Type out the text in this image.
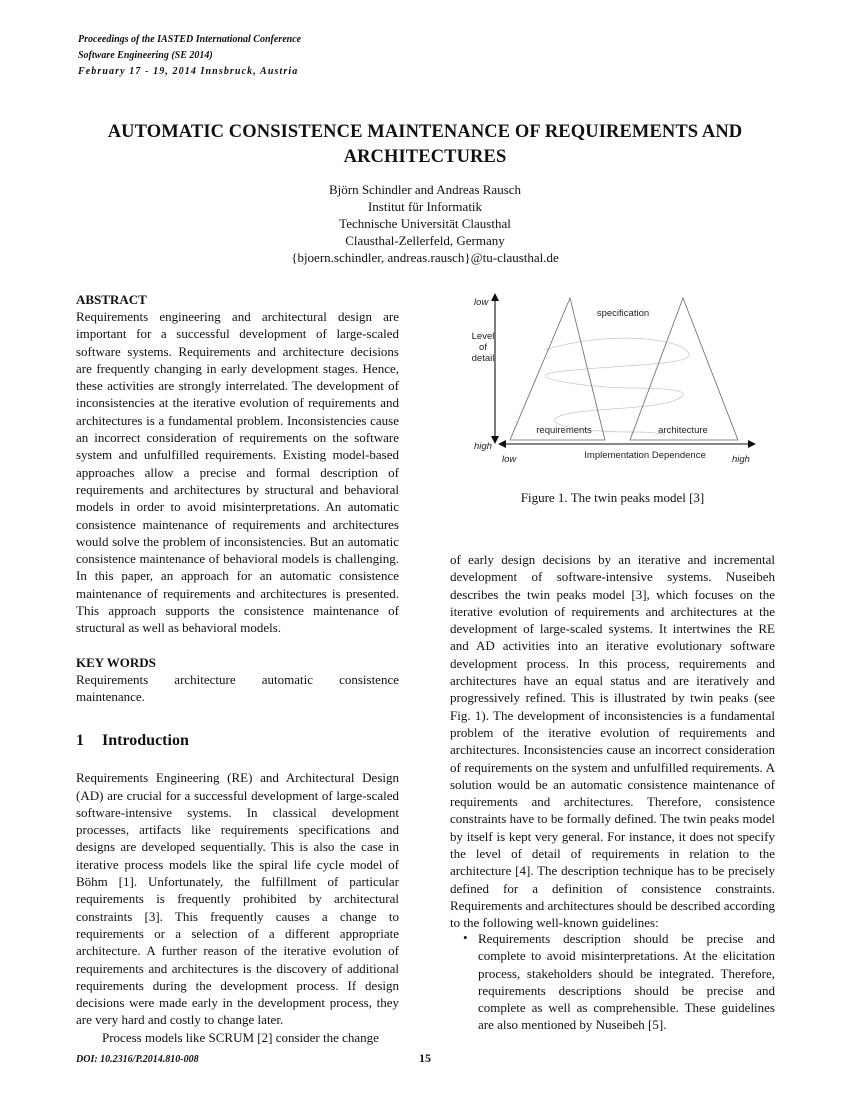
Proceedings of the IASTED International Conference
Software Engineering (SE 2014)
February 17 - 19, 2014 Innsbruck, Austria
AUTOMATIC CONSISTENCE MAINTENANCE OF REQUIREMENTS AND
ARCHITECTURES
Björn Schindler and Andreas Rausch
Institut für Informatik
Technische Universität Clausthal
Clausthal-Zellerfeld, Germany
{bjoern.schindler, andreas.rausch}@tu-clausthal.de
ABSTRACT

Requirements engineering and architectural design are important for a successful development of large-scaled software systems. Requirements and architecture decisions are frequently changing in early development stages. Hence, these activities are strongly interrelated. The development of inconsistencies at the iterative evolution of requirements and architectures is a fundamental problem. Inconsistencies cause an incorrect consideration of requirements on the software system and unfulfilled requirements. Existing model-based approaches allow a precise and formal description of requirements and architectures by structural and behavioral models in order to avoid misinterpretations. An automatic consistence maintenance of requirements and architectures would solve the problem of inconsistencies. But an automatic consistence maintenance of behavioral models is challenging. In this paper, an approach for an automatic consistence maintenance of requirements and architectures is presented. This approach supports the consistence maintenance of structural as well as behavioral models.

KEY WORDS

Requirements architecture automatic consistence maintenance.

1 Introduction

Requirements Engineering (RE) and Architectural Design (AD) are crucial for a successful development of large-scaled software-intensive systems. In classical development processes, artifacts like requirements specifications and designs are developed sequentially. This is also the case in iterative process models like the spiral life cycle model of Böhm [1]. Unfortunately, the fulfillment of particular requirements is frequently prohibited by architectural constraints [3]. This frequently causes a change to requirements or a selection of a different appropriate architecture. A further reason of the iterative evolution of requirements and architectures is the discovery of additional requirements during the development process. If design decisions were made early in the development process, they are very hard and costly to change later.

Process models like SCRUM [2] consider the change

low
Level
of
detail
high
specification
requirements	architecture
low	Implementation Dependence	high
Figure 1. The twin peaks model [3]

of early design decisions by an iterative and incremental development of software-intensive systems. Nuseibeh describes the twin peaks model [3], which focuses on the iterative evolution of requirements and architectures at the development of large-scaled systems. It intertwines the RE and AD activities into an iterative evolutionary software development process. In this process, requirements and architectures have an equal status and are iteratively and progressively refined. This is illustrated by twin peaks (see Fig. 1). The development of inconsistencies is a fundamental problem of the iterative evolution of requirements and architectures. Inconsistencies cause an incorrect consideration of requirements on the system and unfulfilled requirements. A solution would be an automatic consistence maintenance of requirements and architectures. Therefore, consistence constraints have to be formally defined. The twin peaks model by itself is kept very general. For instance, it does not specify the level of detail of requirements in relation to the architecture [4]. The description technique has to be precisely defined for a definition of consistence constraints. Requirements and architectures should be described according to the following well-known guidelines:

• Requirements description should be precise and complete to avoid misinterpretations. At the elicitation process, stakeholders should be integrated. Therefore, requirements descriptions should be precise and complete as well as comprehensible. These guidelines are also mentioned by Nuseibeh [5].
DOI: 10.2316/P.2014.810-008	15
